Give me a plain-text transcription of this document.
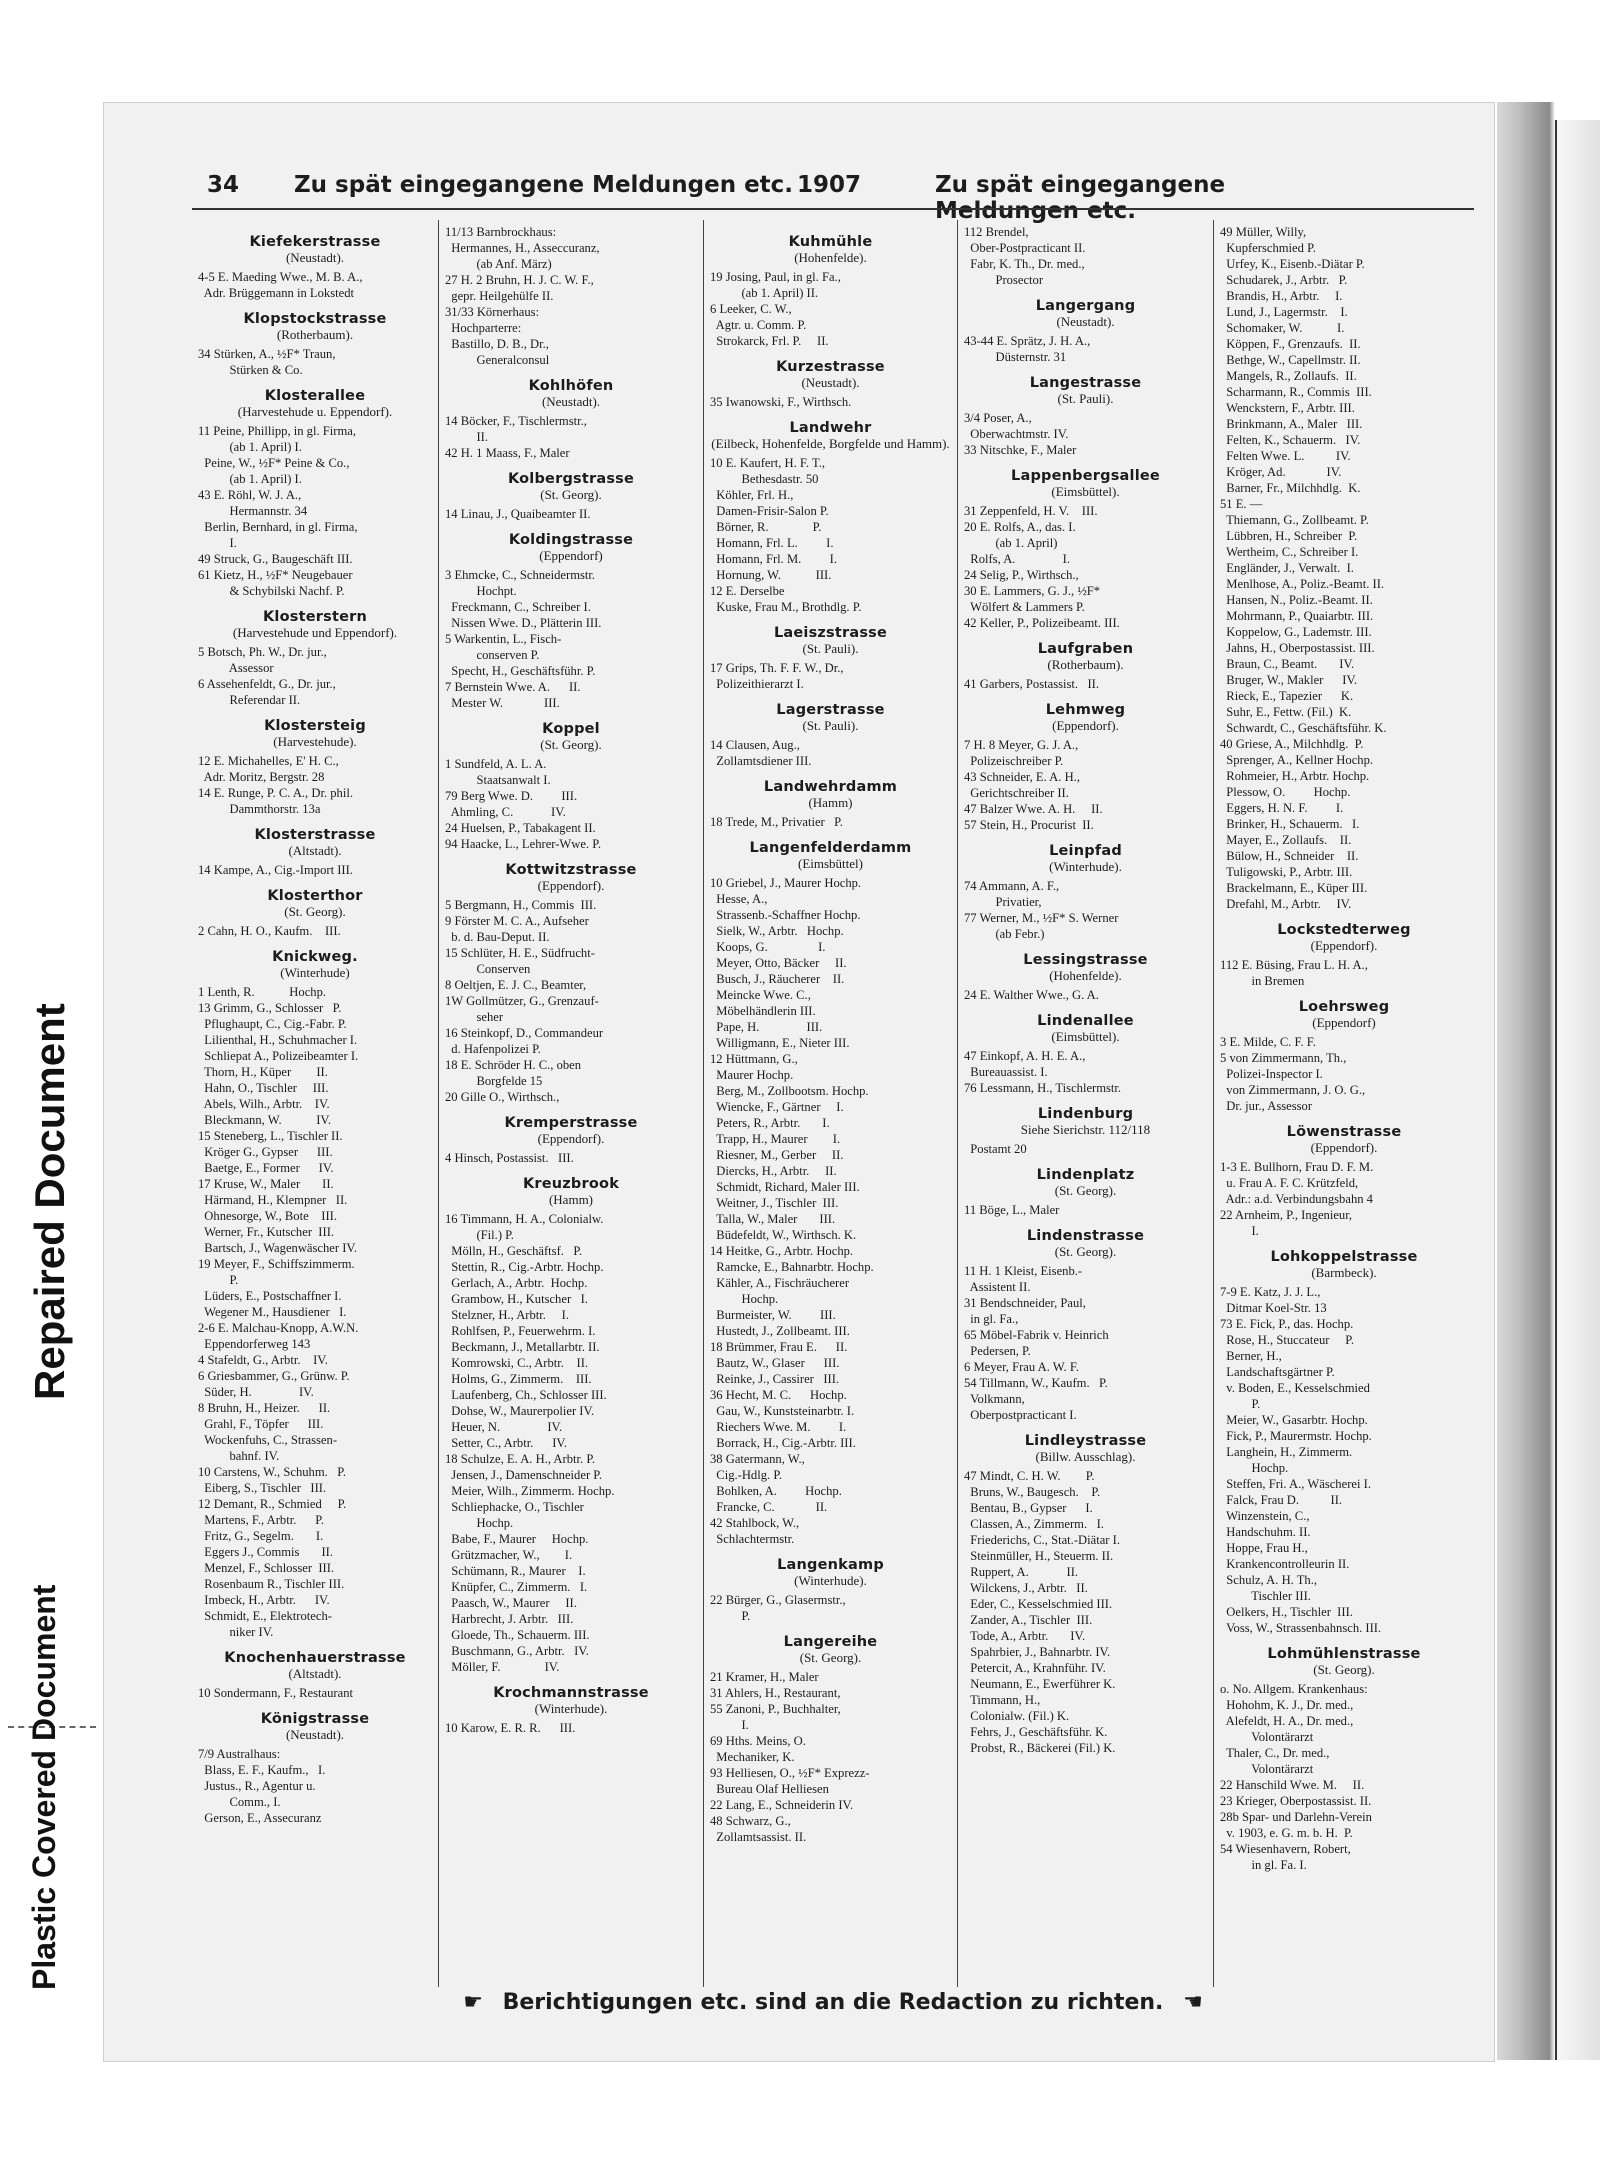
Repaired Document
Plastic Covered Document
34 Zu spät eingegangene Meldungen etc. 1907	Zu spät eingegangene Meldungen etc.
Kiefekerstrasse
(Neustadt).
4-5 E. Maeding Wwe., M. B. A.,
Adr. Brüggemann in Lokstedt
Klopstockstrasse
(Rotherbaum).
34 Stürken, A., ½F* Traun,
Stürken & Co.
Klosterallee
(Harvestehude u. Eppendorf).
11 Peine, Phillipp, in gl. Firma,
(ab 1. April) I.
Peine, W., ½F* Peine & Co.,
(ab 1. April) I.
43 E. Röhl, W. J. A.,
Hermannstr. 34
Berlin, Bernhard, in gl. Firma,
I.
49 Struck, G., Baugeschäft III.
61 Kietz, H., ½F* Neugebauer
& Schybilski Nachf. P.
Klosterstern
(Harvestehude und Eppendorf).
5 Botsch, Ph. W., Dr. jur.,
Assessor
6 Assehenfeldt, G., Dr. jur.,
Referendar II.
Klostersteig
(Harvestehude).
12 E. Michahelles, E' H. C.,
Adr. Moritz, Bergstr. 28
14 E. Runge, P. C. A., Dr. phil.
Dammthorstr. 13a
Klosterstrasse
(Altstadt).
14 Kampe, A., Cig.-Import III.
Klosterthor
(St. Georg).
2 Cahn, H. O., Kaufm.    III.
Knickweg.
(Winterhude)
1 Lenth, R.           Hochp.
13 Grimm, G., Schlosser   P.
Pflughaupt, C., Cig.-Fabr. P.
Lilienthal, H., Schuhmacher I.
Schliepat A., Polizeibeamter I.
Thorn, H., Küper        II.
Hahn, O., Tischler     III.
Abels, Wilh., Arbtr.    IV.
Bleckmann, W.           IV.
15 Steneberg, L., Tischler II.
Kröger G., Gypser      III.
Baetge, E., Former      IV.
17 Kruse, W., Maler       II.
Härmand, H., Klempner   II.
Ohnesorge, W., Bote    III.
Werner, Fr., Kutscher  III.
Bartsch, J., Wagenwäscher IV.
19 Meyer, F., Schiffszimmerm.
P.
Lüders, E., Postschaffner I.
Wegener M., Hausdiener   I.
2-6 E. Malchau-Knopp, A.W.N.
Eppendorferweg 143
4 Stafeldt, G., Arbtr.    IV.
6 Griesbammer, G., Grünw. P.
Süder, H.               IV.
8 Bruhn, H., Heizer.      II.
Grahl, F., Töpfer      III.
Wockenfuhs, C., Strassen-
bahnf. IV.
10 Carstens, W., Schuhm.   P.
Eiberg, S., Tischler   III.
12 Demant, R., Schmied     P.
Martens, F., Arbtr.      P.
Fritz, G., Segelm.       I.
Eggers J., Commis       II.
Menzel, F., Schlosser  III.
Rosenbaum R., Tischler III.
Imbeck, H., Arbtr.      IV.
Schmidt, E., Elektrotech-
niker IV.
Knochenhauerstrasse
(Altstadt).
10 Sondermann, F., Restaurant
Königstrasse
(Neustadt).
7/9 Australhaus:
Blass, E. F., Kaufm.,   I.
Justus., R., Agentur u.
Comm., I.
Gerson, E., Assecuranz
11/13 Barnbrockhaus:
Hermannes, H., Asseccuranz,
(ab Anf. März)
27 H. 2 Bruhn, H. J. C. W. F.,
gepr. Heilgehülfe II.
31/33 Körnerhaus:
Hochparterre:
Bastillo, D. B., Dr.,
Generalconsul
Kohlhöfen
(Neustadt).
14 Böcker, F., Tischlermstr.,
II.
42 H. 1 Maass, F., Maler
Kolbergstrasse
(St. Georg).
14 Linau, J., Quaibeamter II.
Koldingstrasse
(Eppendorf)
3 Ehmcke, C., Schneidermstr.
Hochpt.
Freckmann, C., Schreiber I.
Nissen Wwe. D., Plätterin III.
5 Warkentin, L., Fisch-
conserven P.
Specht, H., Geschäftsführ. P.
7 Bernstein Wwe. A.      II.
Mester W.             III.
Koppel
(St. Georg).
1 Sundfeld, A. L. A.
Staatsanwalt I.
79 Berg Wwe. D.         III.
Ahmling, C.            IV.
24 Huelsen, P., Tabakagent II.
94 Haacke, L., Lehrer-Wwe. P.
Kottwitzstrasse
(Eppendorf).
5 Bergmann, H., Commis  III.
9 Förster M. C. A., Aufseher
b. d. Bau-Deput. II.
15 Schlüter, H. E., Südfrucht-
Conserven
8 Oeltjen, E. J. C., Beamter,
1W Gollmützer, G., Grenzauf-
seher
16 Steinkopf, D., Commandeur
d. Hafenpolizei P.
18 E. Schröder H. C., oben
Borgfelde 15
20 Gille O., Wirthsch.,
Kremperstrasse
(Eppendorf).
4 Hinsch, Postassist.   III.
Kreuzbrook
(Hamm)
16 Timmann, H. A., Colonialw.
(Fil.) P.
Mölln, H., Geschäftsf.   P.
Stettin, R., Cig.-Arbtr. Hochp.
Gerlach, A., Arbtr.  Hochp.
Grambow, H., Kutscher   I.
Stelzner, H., Arbtr.     I.
Rohlfsen, P., Feuerwehrm. I.
Beckmann, J., Metallarbtr. II.
Komrowski, C., Arbtr.    II.
Holms, G., Zimmerm.    III.
Laufenberg, Ch., Schlosser III.
Dohse, W., Maurerpolier IV.
Heuer, N.               IV.
Setter, C., Arbtr.      IV.
18 Schulze, E. A. H., Arbtr. P.
Jensen, J., Damenschneider P.
Meier, Wilh., Zimmerm. Hochp.
Schliephacke, O., Tischler
Hochp.
Babe, F., Maurer     Hochp.
Grützmacher, W.,        I.
Schümann, R., Maurer    I.
Knüpfer, C., Zimmerm.   I.
Paasch, W., Maurer     II.
Harbrecht, J. Arbtr.   III.
Gloede, Th., Schauerm. III.
Buschmann, G., Arbtr.   IV.
Möller, F.              IV.
Krochmannstrasse
(Winterhude).
10 Karow, E. R. R.      III.
Kuhmühle
(Hohenfelde).
19 Josing, Paul, in gl. Fa.,
(ab 1. April) II.
6 Leeker, C. W.,
Agtr. u. Comm. P.
Strokarck, Frl. P.     II.
Kurzestrasse
(Neustadt).
35 Iwanowski, F., Wirthsch.
Landwehr
(Eilbeck, Hohenfelde, Borgfelde und Hamm).
10 E. Kaufert, H. F. T.,
Bethesdastr. 50
Köhler, Frl. H.,
Damen-Frisir-Salon P.
Börner, R.              P.
Homann, Frl. L.         I.
Homann, Frl. M.         I.
Hornung, W.           III.
12 E. Derselbe
Kuske, Frau M., Brothdlg. P.
Laeiszstrasse
(St. Pauli).
17 Grips, Th. F. F. W., Dr.,
Polizeithierarzt I.
Lagerstrasse
(St. Pauli).
14 Clausen, Aug.,
Zollamtsdiener III.
Landwehrdamm
(Hamm)
18 Trede, M., Privatier   P.
Langenfelderdamm
(Eimsbüttel)
10 Griebel, J., Maurer Hochp.
Hesse, A.,
Strassenb.-Schaffner Hochp.
Sielk, W., Arbtr.   Hochp.
Koops, G.                I.
Meyer, Otto, Bäcker     II.
Busch, J., Räucherer    II.
Meincke Wwe. C.,
Möbelhändlerin III.
Pape, H.               III.
Willigmann, E., Nieter III.
12 Hüttmann, G.,
Maurer Hochp.
Berg, M., Zollbootsm. Hochp.
Wiencke, F., Gärtner     I.
Peters, R., Arbtr.       I.
Trapp, H., Maurer        I.
Riesner, M., Gerber     II.
Diercks, H., Arbtr.     II.
Schmidt, Richard, Maler III.
Weitner, J., Tischler  III.
Talla, W., Maler       III.
Büdefeldt, W., Wirthsch. K.
14 Heitke, G., Arbtr. Hochp.
Ramcke, E., Bahnarbtr. Hochp.
Kähler, A., Fischräucherer
Hochp.
Burmeister, W.         III.
Hustedt, J., Zollbeamt. III.
18 Brümmer, Frau E.      II.
Bautz, W., Glaser      III.
Reinke, J., Cassirer   III.
36 Hecht, M. C.      Hochp.
Gau, W., Kunststeinarbtr. I.
Riechers Wwe. M.         I.
Borrack, H., Cig.-Arbtr. III.
38 Gatermann, W.,
Cig.-Hdlg. P.
Bohlken, A.         Hochp.
Francke, C.             II.
42 Stahlbock, W.,
Schlachtermstr.
Langenkamp
(Winterhude).
22 Bürger, G., Glasermstr.,
P.
Langereihe
(St. Georg).
21 Kramer, H., Maler
31 Ahlers, H., Restaurant,
55 Zanoni, P., Buchhalter,
I.
69 Hths. Meins, O.
Mechaniker, K.
93 Helliesen, O., ½F* Exprezz-
Bureau Olaf Helliesen
22 Lang, E., Schneiderin IV.
48 Schwarz, G.,
Zollamtsassist. II.
112 Brendel,
Ober-Postpracticant II.
Fabr, K. Th., Dr. med.,
Prosector
Langergang
(Neustadt).
43-44 E. Sprätz, J. H. A.,
Düsternstr. 31
Langestrasse
(St. Pauli).
3/4 Poser, A.,
Oberwachtmstr. IV.
33 Nitschke, F., Maler
Lappenbergsallee
(Eimsbüttel).
31 Zeppenfeld, H. V.    III.
20 E. Rolfs, A., das. I.
(ab 1. April)
Rolfs, A.               I.
24 Selig, P., Wirthsch.,
30 E. Lammers, G. J., ½F*
Wölfert & Lammers P.
42 Keller, P., Polizeibeamt. III.
Laufgraben
(Rotherbaum).
41 Garbers, Postassist.   II.
Lehmweg
(Eppendorf).
7 H. 8 Meyer, G. J. A.,
Polizeischreiber P.
43 Schneider, E. A. H.,
Gerichtschreiber II.
47 Balzer Wwe. A. H.     II.
57 Stein, H., Procurist  II.
Leinpfad
(Winterhude).
74 Ammann, A. F.,
Privatier,
77 Werner, M., ½F* S. Werner
(ab Febr.)
Lessingstrasse
(Hohenfelde).
24 E. Walther Wwe., G. A.
Lindenallee
(Eimsbüttel).
47 Einkopf, A. H. E. A.,
Bureauassist. I.
76 Lessmann, H., Tischlermstr.
Lindenburg
Siehe Sierichstr. 112/118
Postamt 20
Lindenplatz
(St. Georg).
11 Böge, L., Maler
Lindenstrasse
(St. Georg).
11 H. 1 Kleist, Eisenb.-
Assistent II.
31 Bendschneider, Paul,
in gl. Fa.,
65 Möbel-Fabrik v. Heinrich
Pedersen, P.
6 Meyer, Frau A. W. F.
54 Tillmann, W., Kaufm.   P.
Volkmann,
Oberpostpracticant I.
Lindleystrasse
(Billw. Ausschlag).
47 Mindt, C. H. W.        P.
Bruns, W., Baugesch.    P.
Bentau, B., Gypser      I.
Classen, A., Zimmerm.   I.
Friederichs, C., Stat.-Diätar I.
Steinmüller, H., Steuerm. II.
Ruppert, A.            II.
Wilckens, J., Arbtr.   II.
Eder, C., Kesselschmied III.
Zander, A., Tischler  III.
Tode, A., Arbtr.       IV.
Spahrbier, J., Bahnarbtr. IV.
Petercit, A., Krahnführ. IV.
Neumann, E., Ewerführer K.
Timmann, H.,
Colonialw. (Fil.) K.
Fehrs, J., Geschäftsführ. K.
Probst, R., Bäckerei (Fil.) K.
49 Müller, Willy,
Kupferschmied P.
Urfey, K., Eisenb.-Diätar P.
Schudarek, J., Arbtr.   P.
Brandis, H., Arbtr.     I.
Lund, J., Lagermstr.    I.
Schomaker, W.           I.
Köppen, F., Grenzaufs.  II.
Bethge, W., Capellmstr. II.
Mangels, R., Zollaufs.  II.
Scharmann, R., Commis  III.
Wenckstern, F., Arbtr. III.
Brinkmann, A., Maler   III.
Felten, K., Schauerm.   IV.
Felten Wwe. L.          IV.
Kröger, Ad.             IV.
Barner, Fr., Milchhdlg.  K.
51 E. —
Thiemann, G., Zollbeamt. P.
Lübbren, H., Schreiber  P.
Wertheim, C., Schreiber I.
Engländer, J., Verwalt.  I.
Menlhose, A., Poliz.-Beamt. II.
Hansen, N., Poliz.-Beamt. II.
Mohrmann, P., Quaiarbtr. III.
Koppelow, G., Lademstr. III.
Jahns, H., Oberpostassist. III.
Braun, C., Beamt.       IV.
Bruger, W., Makler      IV.
Rieck, E., Tapezier      K.
Suhr, E., Fettw. (Fil.)  K.
Schwardt, C., Geschäftsführ. K.
40 Griese, A., Milchhdlg.  P.
Sprenger, A., Kellner Hochp.
Rohmeier, H., Arbtr. Hochp.
Plessow, O.         Hochp.
Eggers, H. N. F.         I.
Brinker, H., Schauerm.   I.
Mayer, E., Zollaufs.    II.
Bülow, H., Schneider    II.
Tuligowski, P., Arbtr. III.
Brackelmann, E., Küper III.
Drefahl, M., Arbtr.     IV.
Lockstedterweg
(Eppendorf).
112 E. Büsing, Frau L. H. A.,
in Bremen
Loehrsweg
(Eppendorf)
3 E. Milde, C. F. F.
5 von Zimmermann, Th.,
Polizei-Inspector I.
von Zimmermann, J. O. G.,
Dr. jur., Assessor
Löwenstrasse
(Eppendorf).
1-3 E. Bullhorn, Frau D. F. M.
u. Frau A. F. C. Krützfeld,
Adr.: a.d. Verbindungsbahn 4
22 Arnheim, P., Ingenieur,
I.
Lohkoppelstrasse
(Barmbeck).
7-9 E. Katz, J. J. L.,
Ditmar Koel-Str. 13
73 E. Fick, P., das. Hochp.
Rose, H., Stuccateur     P.
Berner, H.,
Landschaftsgärtner P.
v. Boden, E., Kesselschmied
P.
Meier, W., Gasarbtr. Hochp.
Fick, P., Maurermstr. Hochp.
Langhein, H., Zimmerm.
Hochp.
Steffen, Fri. A., Wäscherei I.
Falck, Frau D.          II.
Winzenstein, C.,
Handschuhm. II.
Hoppe, Frau H.,
Krankencontrolleurin II.
Schulz, A. H. Th.,
Tischler III.
Oelkers, H., Tischler  III.
Voss, W., Strassenbahnsch. III.
Lohmühlenstrasse
(St. Georg).
o. No. Allgem. Krankenhaus:
Hohohm, K. J., Dr. med.,
Alefeldt, H. A., Dr. med.,
Volontärarzt
Thaler, C., Dr. med.,
Volontärarzt
22 Hanschild Wwe. M.     II.
23 Krieger, Oberpostassist. II.
28b Spar- und Darlehn-Verein
v. 1903, e. G. m. b. H.  P.
54 Wiesenhavern, Robert,
in gl. Fa. I.
☛ Berichtigungen etc. sind an die Redaction zu richten. ☚
